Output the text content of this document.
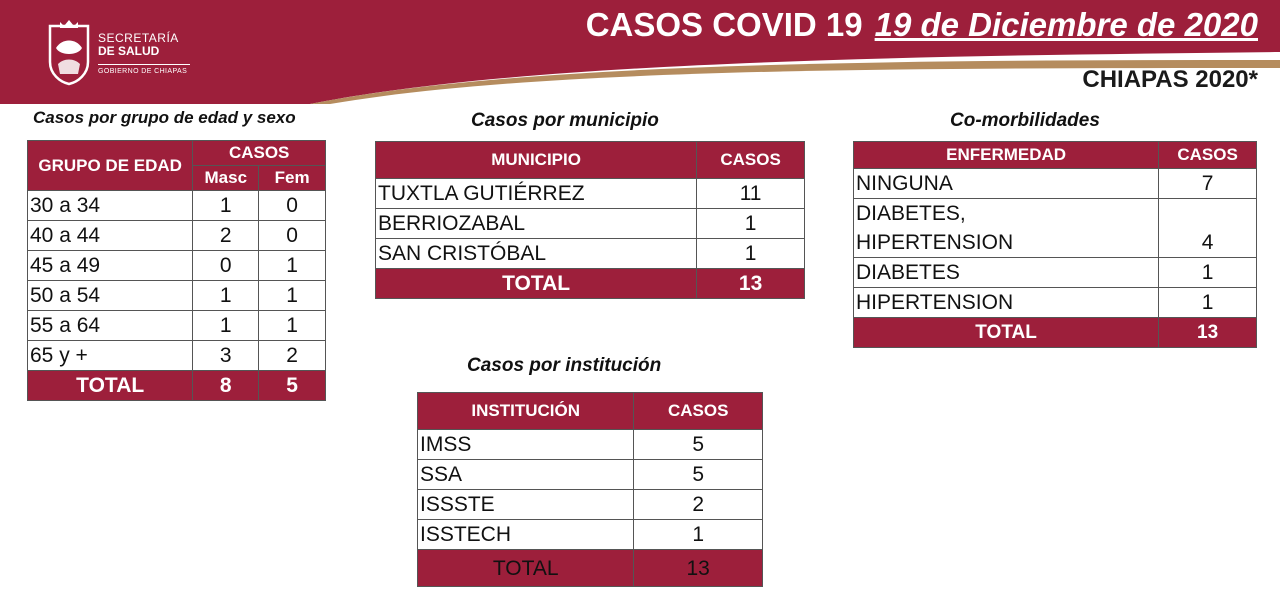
SECRETARÍA
DE SALUD
GOBIERNO DE CHIAPAS
CASOS COVID 19 19 de Diciembre de 2020
CHIAPAS 2020*
Casos por grupo de edad y sexo
GRUPO DE EDAD	CASOS	
	Masc	Fem
30 a 34	1	0
40 a 44	2	0
45 a 49	0	1
50 a 54	1	1
55 a 64	1	1
65 y +	3	2
TOTAL	8	5
Casos por municipio
MUNICIPIO	CASOS
TUXTLA GUTIÉRREZ	11
BERRIOZABAL	1
SAN CRISTÓBAL	1
TOTAL	13
Co-morbilidades
ENFERMEDAD	CASOS
NINGUNA	7

DIABETES,
HIPERTENSION	4
DIABETES	1
HIPERTENSION	1
TOTAL	13
Casos por institución
INSTITUCIÓN	CASOS
IMSS	5
SSA	5
ISSSTE	2
ISSTECH	1
TOTAL	13
